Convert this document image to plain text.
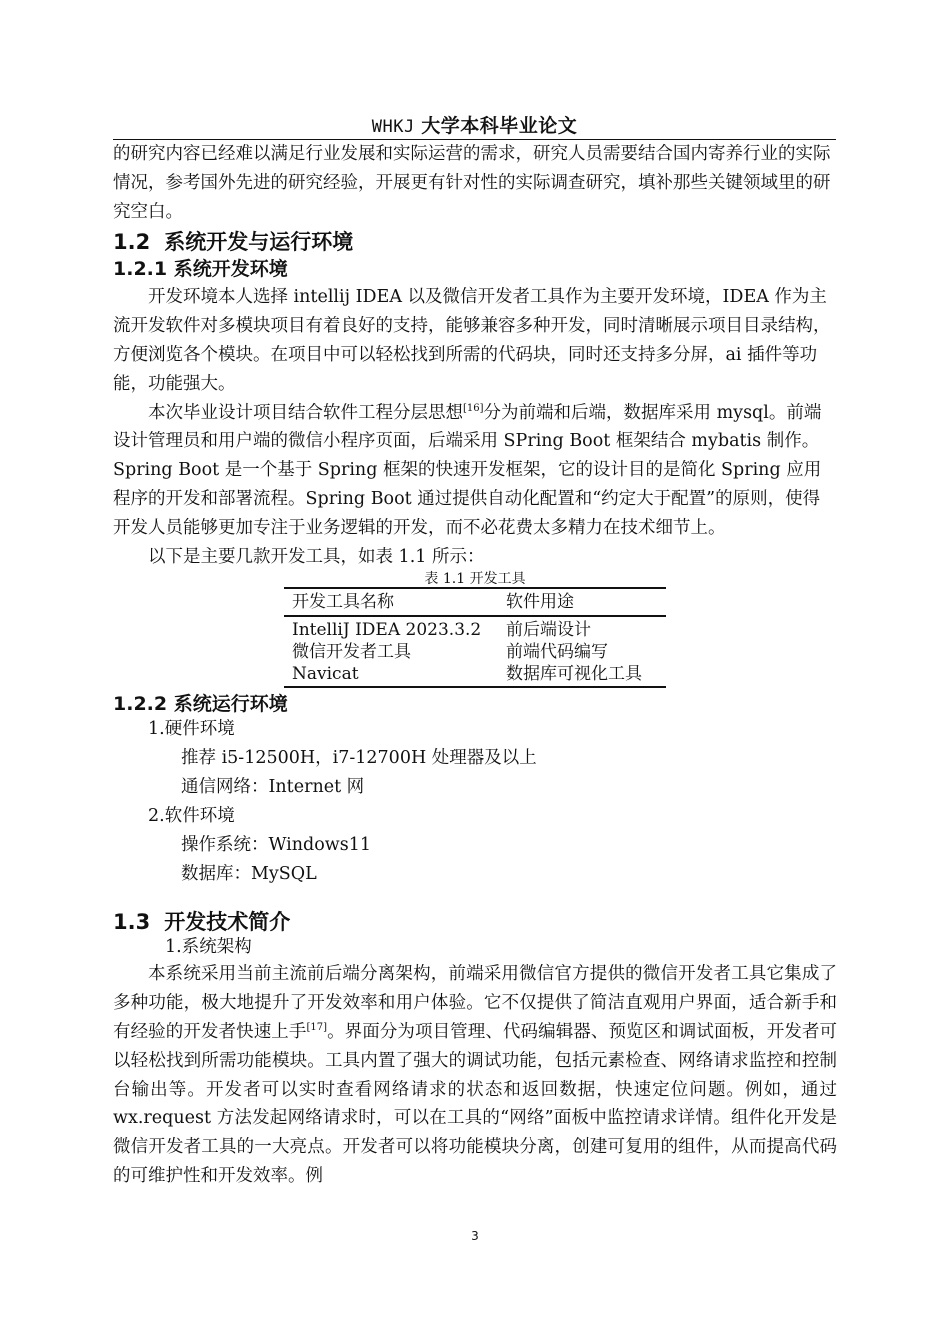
WHKJ 大学本科毕业论文

的研究内容已经难以满足行业发展和实际运营的需求，研究人员需要结合国内寄养行业的实际情况，参考国外先进的研究经验，开展更有针对性的实际调查研究，填补那些关键领域里的研究空白。

1.2 系统开发与运行环境
1.2.1 系统开发环境

开发环境本人选择 intellij IDEA 以及微信开发者工具作为主要开发环境，IDEA 作为主流开发软件对多模块项目有着良好的支持，能够兼容多种开发，同时清晰展示项目目录结构，方便浏览各个模块。在项目中可以轻松找到所需的代码块，同时还支持多分屏，ai 插件等功能，功能强大。

本次毕业设计项目结合软件工程分层思想[16]分为前端和后端，数据库采用 mysql。前端设计管理员和用户端的微信小程序页面，后端采用 SPring Boot 框架结合 mybatis 制作。Spring Boot 是一个基于 Spring 框架的快速开发框架，它的设计目的是简化 Spring 应用程序的开发和部署流程。Spring Boot 通过提供自动化配置和“约定大于配置”的原则，使得开发人员能够更加专注于业务逻辑的开发，而不必花费太多精力在技术细节上。

以下是主要几款开发工具，如表 1.1 所示：

表 1.1 开发工具

开发工具名称	软件用途
IntelliJ IDEA 2023.3.2	前后端设计
微信开发者工具	前端代码编写
Navicat	数据库可视化工具
1.2.2 系统运行环境

1.硬件环境

推荐 i5-12500H，i7-12700H 处理器及以上

通信网络：Internet 网

2.软件环境

操作系统：Windows11

数据库：MySQL

1.3 开发技术简介

1.系统架构

本系统采用当前主流前后端分离架构，前端采用微信官方提供的微信开发者工具它集成了多种功能，极大地提升了开发效率和用户体验。它不仅提供了简洁直观用户界面，适合新手和有经验的开发者快速上手[17]。界面分为项目管理、代码编辑器、预览区和调试面板，开发者可以轻松找到所需功能模块。工具内置了强大的调试功能，包括元素检查、网络请求监控和控制台输出等。开发者可以实时查看网络请求的状态和返回数据，快速定位问题。例如，通过 wx.request 方法发起网络请求时，可以在工具的“网络”面板中监控请求详情。组件化开发是微信开发者工具的一大亮点。开发者可以将功能模块分离，创建可复用的组件，从而提高代码的可维护性和开发效率。例

3
